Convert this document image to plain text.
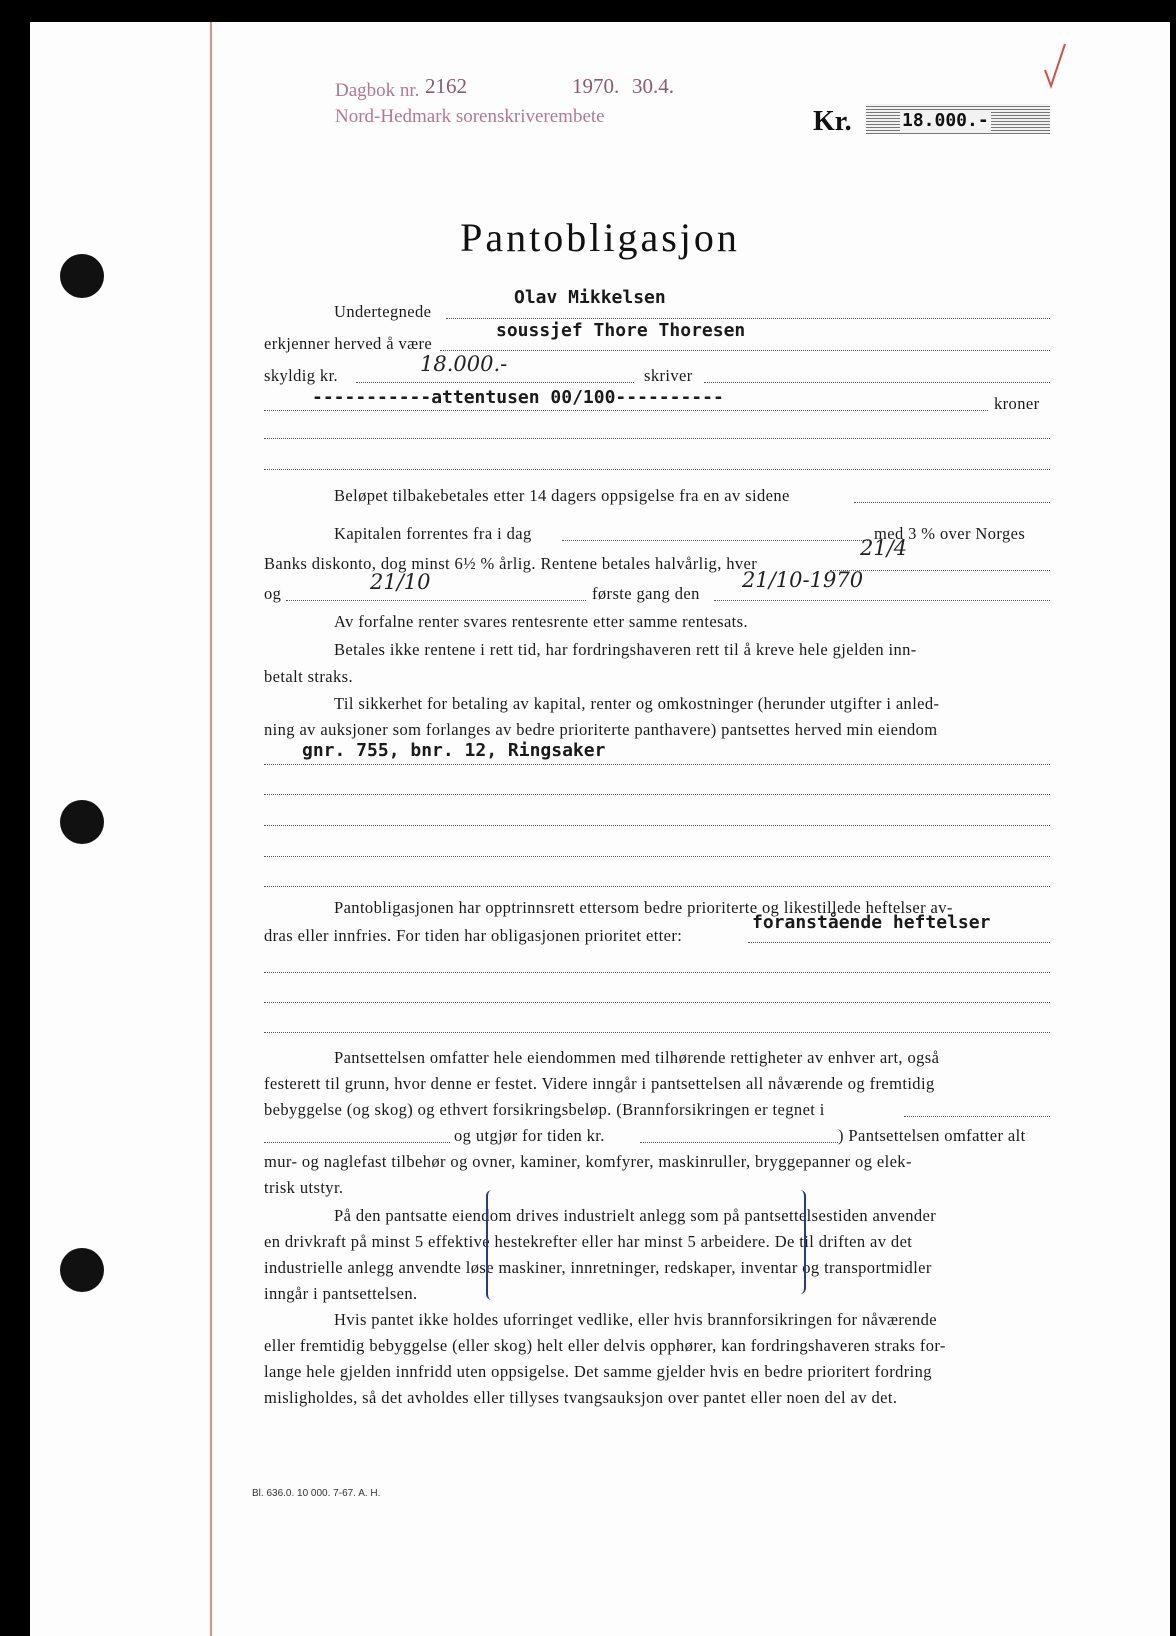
Dagbok nr. 2162	1970. 30.4.
Nord-Hedmark sorenskriverembete	Kr.	18.000.-
Pantobligasjon
Undertegnede
Olav Mikkelsen
erkjenner herved å være
soussjef Thore Thoresen
skyldig kr.	18.000.-	skriver
-----------attentusen 00/100----------	kroner
Beløpet tilbakebetales etter 14 dagers oppsigelse fra en av sidene
Kapitalen forrentes fra i dag	med 3 % over Norges
Banks diskonto, dog minst 6½ % årlig. Rentene betales halvårlig, hver
21/4
og	21/10	første gang den
21/10-1970
Av forfalne renter svares rentesrente etter samme rentesats.
Betales ikke rentene i rett tid, har fordringshaveren rett til å kreve hele gjelden inn-
betalt straks.
Til sikkerhet for betaling av kapital, renter og omkostninger (herunder utgifter i anled-
ning av auksjoner som forlanges av bedre prioriterte panthavere) pantsettes herved min eiendom
gnr. 755, bnr. 12, Ringsaker
Pantobligasjonen har opptrinnsrett ettersom bedre prioriterte og likestillede heftelser av-
dras eller innfries. For tiden har obligasjonen prioritet etter:
foranstående heftelser
Pantsettelsen omfatter hele eiendommen med tilhørende rettigheter av enhver art, også
festerett til grunn, hvor denne er festet. Videre inngår i pantsettelsen all nåværende og fremtidig
bebyggelse (og skog) og ethvert forsikringsbeløp. (Brannforsikringen er tegnet i
og utgjør for tiden kr.	) Pantsettelsen omfatter alt
mur- og naglefast tilbehør og ovner, kaminer, komfyrer, maskinruller, bryggepanner og elek-
trisk utstyr.
På den pantsatte eiendom drives industrielt anlegg som på pantsettelsestiden anvender
en drivkraft på minst 5 effektive hestekrefter eller har minst 5 arbeidere. De til driften av det
industrielle anlegg anvendte løse maskiner, innretninger, redskaper, inventar og transportmidler
inngår i pantsettelsen.
Hvis pantet ikke holdes uforringet vedlike, eller hvis brannforsikringen for nåværende
eller fremtidig bebyggelse (eller skog) helt eller delvis opphører, kan fordringshaveren straks for-
lange hele gjelden innfridd uten oppsigelse. Det samme gjelder hvis en bedre prioritert fordring
misligholdes, så det avholdes eller tillyses tvangsauksjon over pantet eller noen del av det.
Bl. 636.0. 10 000. 7-67. A. H.
